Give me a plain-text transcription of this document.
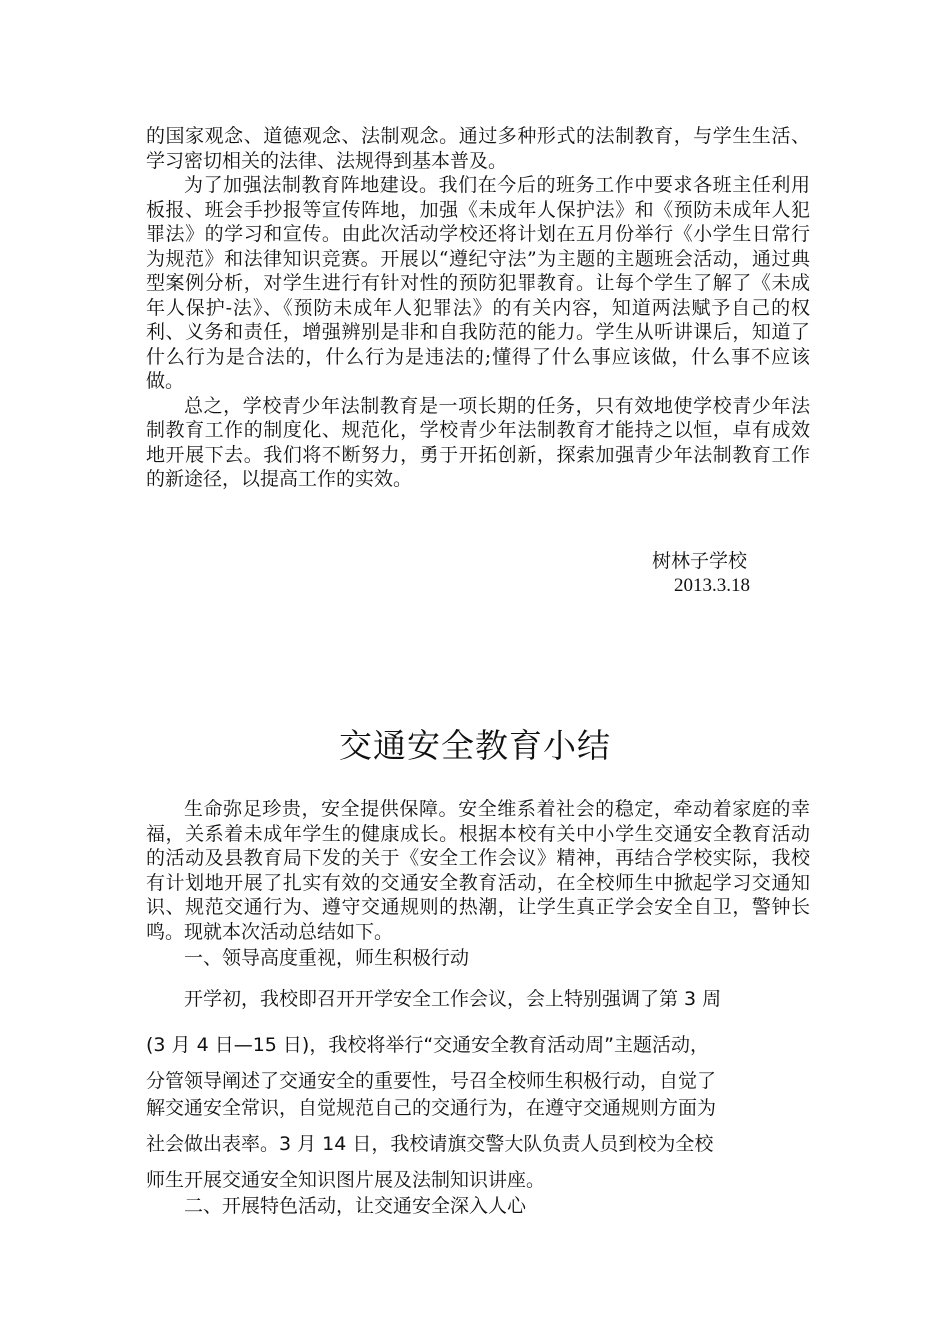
的国家观念、道德观念、法制观念。通过多种形式的法制教育，与学生生活、学习密切相关的法律、法规得到基本普及。

为了加强法制教育阵地建设。我们在今后的班务工作中要求各班主任利用板报、班会手抄报等宣传阵地，加强《未成年人保护法》和《预防未成年人犯罪法》的学习和宣传。由此次活动学校还将计划在五月份举行《小学生日常行为规范》和法律知识竞赛。开展以“遵纪守法”为主题的主题班会活动，通过典型案例分析，对学生进行有针对性的预防犯罪教育。让每个学生了解了《未成年人保护-法》、《预防未成年人犯罪法》的有关内容，知道两法赋予自己的权利、义务和责任，增强辨别是非和自我防范的能力。学生从听讲课后，知道了什么行为是合法的，什么行为是违法的;懂得了什么事应该做，什么事不应该做。

总之，学校青少年法制教育是一项长期的任务，只有效地使学校青少年法制教育工作的制度化、规范化，学校青少年法制教育才能持之以恒，卓有成效地开展下去。我们将不断努力，勇于开拓创新，探索加强青少年法制教育工作的新途径，以提高工作的实效。

树林子学校
2013.3.18
交通安全教育小结

生命弥足珍贵，安全提供保障。安全维系着社会的稳定，牵动着家庭的幸福，关系着未成年学生的健康成长。根据本校有关中小学生交通安全教育活动的活动及县教育局下发的关于《安全工作会议》精神，再结合学校实际，我校有计划地开展了扎实有效的交通安全教育活动，在全校师生中掀起学习交通知识、规范交通行为、遵守交通规则的热潮，让学生真正学会安全自卫，警钟长鸣。现就本次活动总结如下。

一、领导高度重视，师生积极行动
开学初，我校即召开开学安全工作会议，会上特别强调了第 3 周
(3 月 4 日—15 日)，我校将举行“交通安全教育活动周”主题活动，
分管领导阐述了交通安全的重要性，号召全校师生积极行动，自觉了
解交通安全常识，自觉规范自己的交通行为，在遵守交通规则方面为
社会做出表率。3 月 14 日，我校请旗交警大队负责人员到校为全校
师生开展交通安全知识图片展及法制知识讲座。
二、开展特色活动，让交通安全深入人心
